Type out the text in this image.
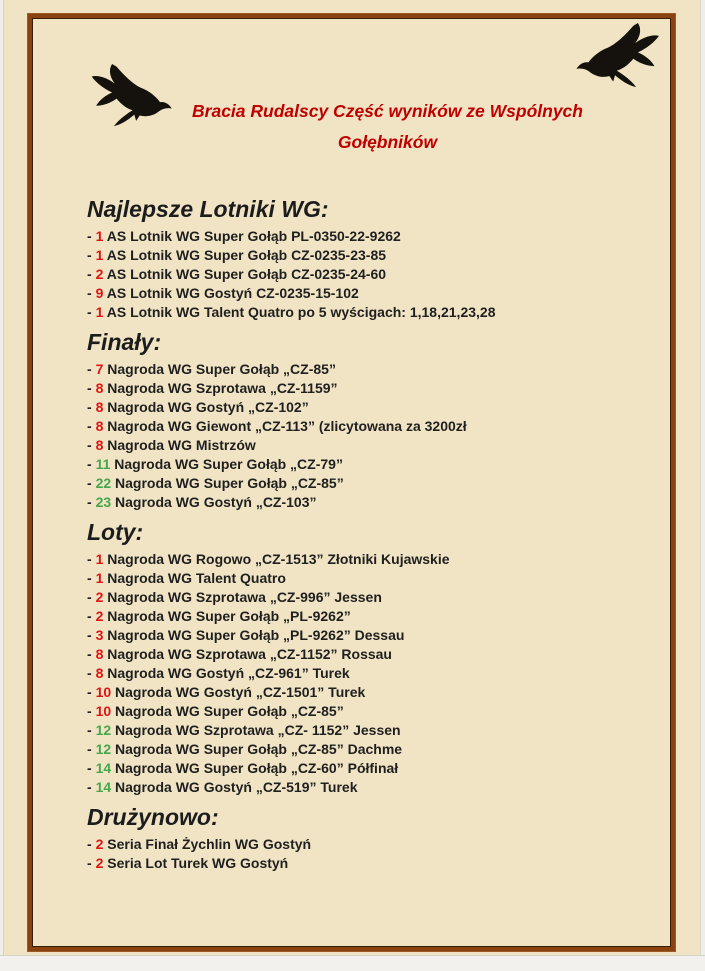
Bracia Rudalscy Część wyników ze Wspólnych
Gołębników
Najlepsze Lotniki WG:
- 1 AS Lotnik WG Super Gołąb PL-0350-22-9262
- 1 AS Lotnik WG Super Gołąb CZ-0235-23-85
- 2 AS Lotnik WG Super Gołąb CZ-0235-24-60
- 9 AS Lotnik WG Gostyń CZ-0235-15-102
- 1 AS Lotnik WG Talent Quatro po 5 wyścigach: 1,18,21,23,28
Finały:
- 7 Nagroda WG Super Gołąb „CZ-85”
- 8 Nagroda WG Szprotawa „CZ-1159”
- 8 Nagroda WG Gostyń „CZ-102”
- 8 Nagroda WG Giewont „CZ-113” (zlicytowana za 3200zł
- 8 Nagroda WG Mistrzów
- 11 Nagroda WG Super Gołąb „CZ-79”
- 22 Nagroda WG Super Gołąb „CZ-85”
- 23 Nagroda WG Gostyń „CZ-103”
Loty:
- 1 Nagroda WG Rogowo „CZ-1513” Złotniki Kujawskie
- 1 Nagroda WG Talent Quatro
- 2 Nagroda WG Szprotawa „CZ-996” Jessen
- 2 Nagroda WG Super Gołąb „PL-9262”
- 3 Nagroda WG Super Gołąb „PL-9262” Dessau
- 8 Nagroda WG Szprotawa „CZ-1152” Rossau
- 8 Nagroda WG Gostyń „CZ-961” Turek
- 10 Nagroda WG Gostyń „CZ-1501” Turek
- 10 Nagroda WG Super Gołąb „CZ-85”
- 12 Nagroda WG Szprotawa „CZ- 1152” Jessen
- 12 Nagroda WG Super Gołąb „CZ-85” Dachme
- 14 Nagroda WG Super Gołąb „CZ-60” Półfinał
- 14 Nagroda WG Gostyń „CZ-519” Turek
Drużynowo:
- 2 Seria Finał Żychlin WG Gostyń
- 2 Seria Lot Turek WG Gostyń
